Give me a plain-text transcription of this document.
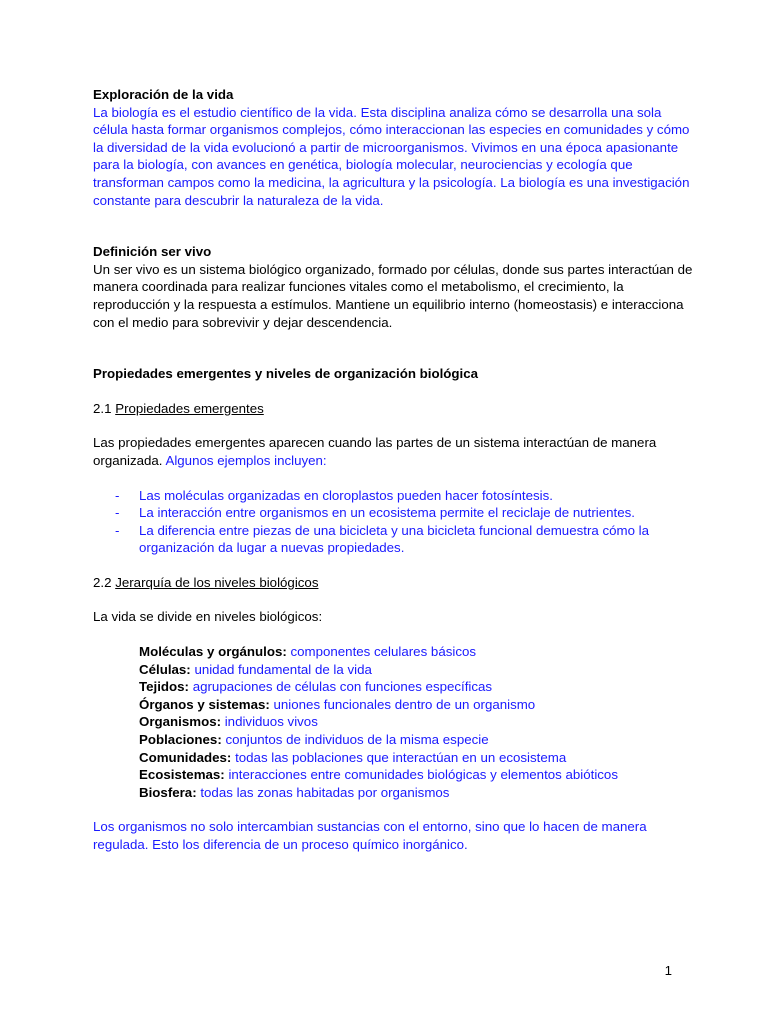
Exploración de la vida

La biología es el estudio científico de la vida. Esta disciplina analiza cómo se desarrolla una sola célula hasta formar organismos complejos, cómo interaccionan las especies en comunidades y cómo la diversidad de la vida evolucionó a partir de microorganismos. Vivimos en una época apasionante para la biología, con avances en genética, biología molecular, neurociencias y ecología que transforman campos como la medicina, la agricultura y la psicología. La biología es una investigación constante para descubrir la naturaleza de la vida.

Definición ser vivo

Un ser vivo es un sistema biológico organizado, formado por células, donde sus partes interactúan de manera coordinada para realizar funciones vitales como el metabolismo, el crecimiento, la reproducción y la respuesta a estímulos. Mantiene un equilibrio interno (homeostasis) e interacciona con el medio para sobrevivir y dejar descendencia.

Propiedades emergentes y niveles de organización biológica

2.1 Propiedades emergentes

Las propiedades emergentes aparecen cuando las partes de un sistema interactúan de manera organizada. Algunos ejemplos incluyen:

- Las moléculas organizadas en cloroplastos pueden hacer fotosíntesis.
- La interacción entre organismos en un ecosistema permite el reciclaje de nutrientes.
- La diferencia entre piezas de una bicicleta y una bicicleta funcional demuestra cómo la organización da lugar a nuevas propiedades.

2.2 Jerarquía de los niveles biológicos

La vida se divide en niveles biológicos:

Moléculas y orgánulos: componentes celulares básicos

Células: unidad fundamental de la vida

Tejidos: agrupaciones de células con funciones específicas

Órganos y sistemas: uniones funcionales dentro de un organismo

Organismos: individuos vivos

Poblaciones: conjuntos de individuos de la misma especie

Comunidades: todas las poblaciones que interactúan en un ecosistema

Ecosistemas: interacciones entre comunidades biológicas y elementos abióticos

Biosfera: todas las zonas habitadas por organismos

Los organismos no solo intercambian sustancias con el entorno, sino que lo hacen de manera regulada. Esto los diferencia de un proceso químico inorgánico.

1
